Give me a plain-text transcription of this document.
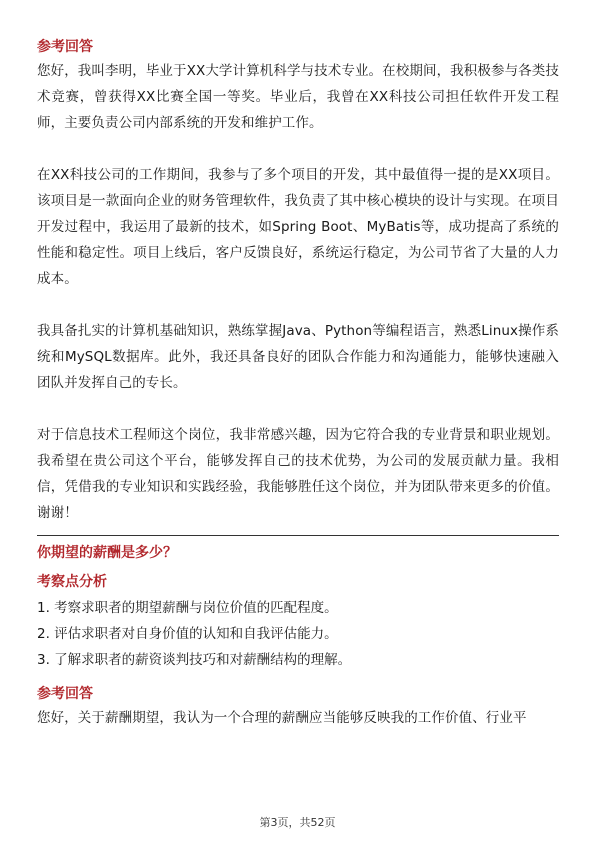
参考回答

您好，我叫李明，毕业于XX大学计算机科学与技术专业。在校期间，我积极参与各类技术竞赛，曾获得XX比赛全国一等奖。毕业后，我曾在XX科技公司担任软件开发工程师，主要负责公司内部系统的开发和维护工作。

在XX科技公司的工作期间，我参与了多个项目的开发，其中最值得一提的是XX项目。该项目是一款面向企业的财务管理软件，我负责了其中核心模块的设计与实现。在项目开发过程中，我运用了最新的技术，如Spring Boot、MyBatis等，成功提高了系统的性能和稳定性。项目上线后，客户反馈良好，系统运行稳定，为公司节省了大量的人力成本。

我具备扎实的计算机基础知识，熟练掌握Java、Python等编程语言，熟悉Linux操作系统和MySQL数据库。此外，我还具备良好的团队合作能力和沟通能力，能够快速融入团队并发挥自己的专长。

对于信息技术工程师这个岗位，我非常感兴趣，因为它符合我的专业背景和职业规划。我希望在贵公司这个平台，能够发挥自己的技术优势，为公司的发展贡献力量。我相信，凭借我的专业知识和实践经验，我能够胜任这个岗位，并为团队带来更多的价值。谢谢！

你期望的薪酬是多少？

考察点分析

1. 考察求职者的期望薪酬与岗位价值的匹配程度。
2. 评估求职者对自身价值的认知和自我评估能力。
3. 了解求职者的薪资谈判技巧和对薪酬结构的理解。

参考回答

您好，关于薪酬期望，我认为一个合理的薪酬应当能够反映我的工作价值、行业平

第3页，共52页
